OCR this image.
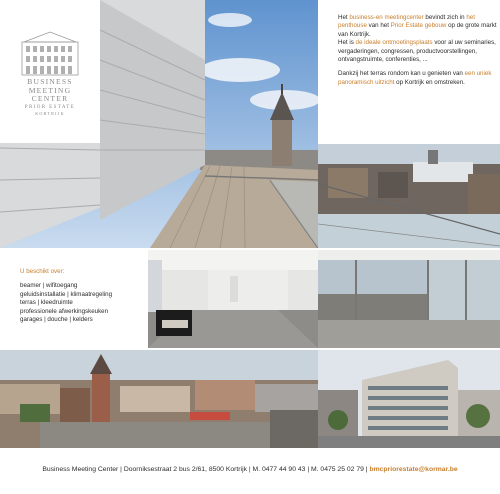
BUSINESS
MEETING
CENTER
PRIOR ESTATE
KORTRIJK

Het business-en meetingcenter bevindt zich in het penthouse van het Prior Estate gebouw op de grote markt van Kortrijk.
Het is de ideale ontmoetingsplaats voor al uw seminaries, vergaderingen, congressen, productvoorstellingen, ontvangstruimte, conferenties, ...

Dankzij het terras rondom kan u genieten van een uniek panoramisch uitzicht op Kortrijk en omstreken.

U beschikt over:
beamer | wifitoegang
geluidsinstallatie | klimaatregeling
terras | kleedruimte
professionele afwerkingskeuken
garages | douche | kelders
Business Meeting Center | Doorniksestraat 2 bus 2/61, 8500 Kortrijk | M. 0477 44 90 43 | M. 0475 25 02 79 | bmcpriorestate@kormar.be
